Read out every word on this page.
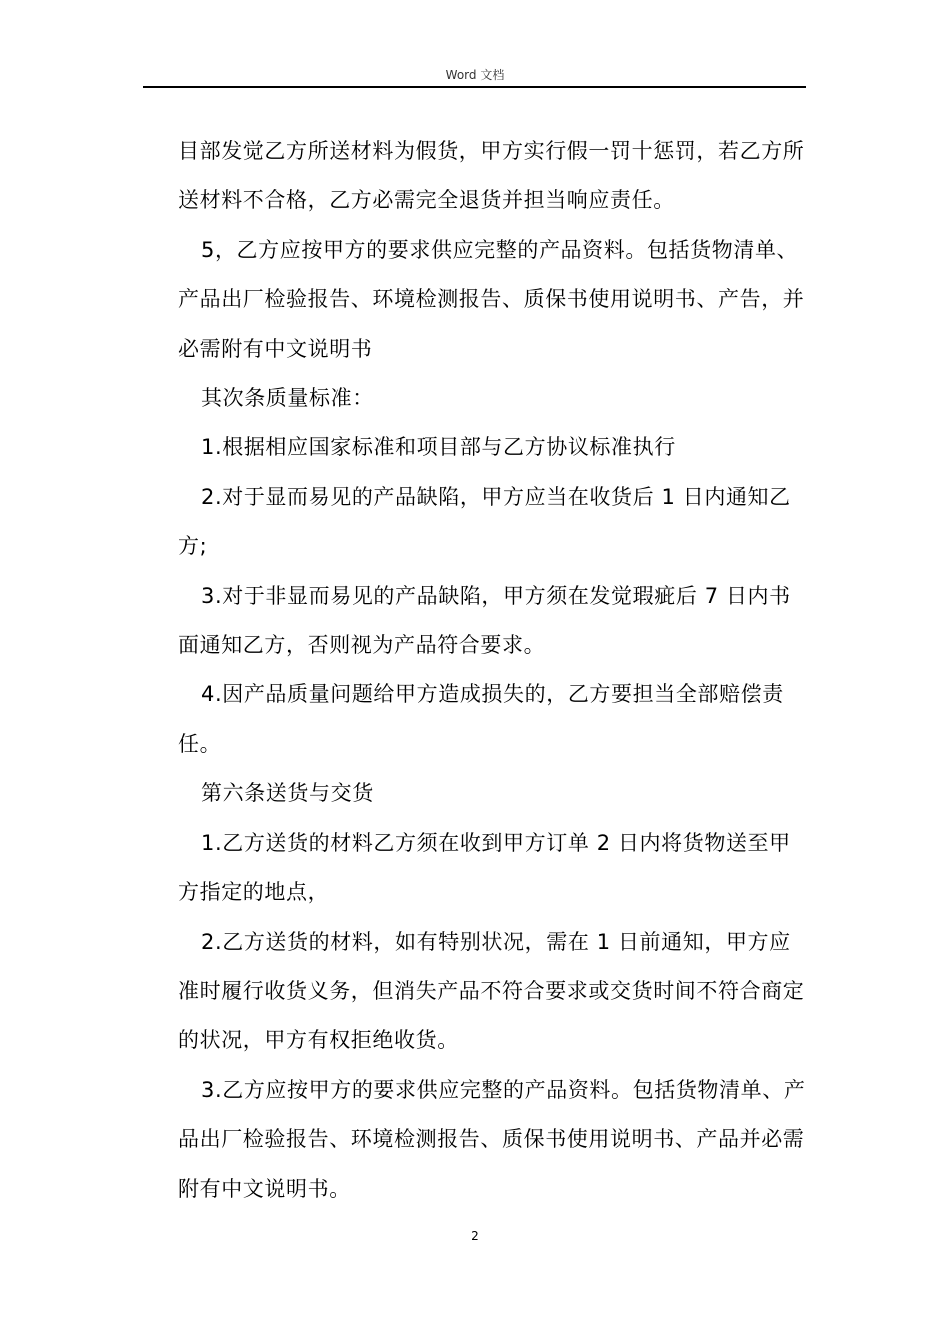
Word 文档

目部发觉乙方所送材料为假货，甲方实行假一罚十惩罚，若乙方所送材料不合格，乙方必需完全退货并担当响应责任。

5，乙方应按甲方的要求供应完整的产品资料。包括货物清单、产品出厂检验报告、环境检测报告、质保书使用说明书、产告，并必需附有中文说明书

其次条质量标准：

1.根据相应国家标准和项目部与乙方协议标准执行

2.对于显而易见的产品缺陷，甲方应当在收货后 1 日内通知乙方;

3.对于非显而易见的产品缺陷，甲方须在发觉瑕疵后 7 日内书面通知乙方，否则视为产品符合要求。

4.因产品质量问题给甲方造成损失的，乙方要担当全部赔偿责任。

第六条送货与交货

1.乙方送货的材料乙方须在收到甲方订单 2 日内将货物送至甲方指定的地点，

2.乙方送货的材料，如有特别状况，需在 1 日前通知，甲方应准时履行收货义务，但消失产品不符合要求或交货时间不符合商定的状况，甲方有权拒绝收货。

3.乙方应按甲方的要求供应完整的产品资料。包括货物清单、产品出厂检验报告、环境检测报告、质保书使用说明书、产品并必需附有中文说明书。

2
